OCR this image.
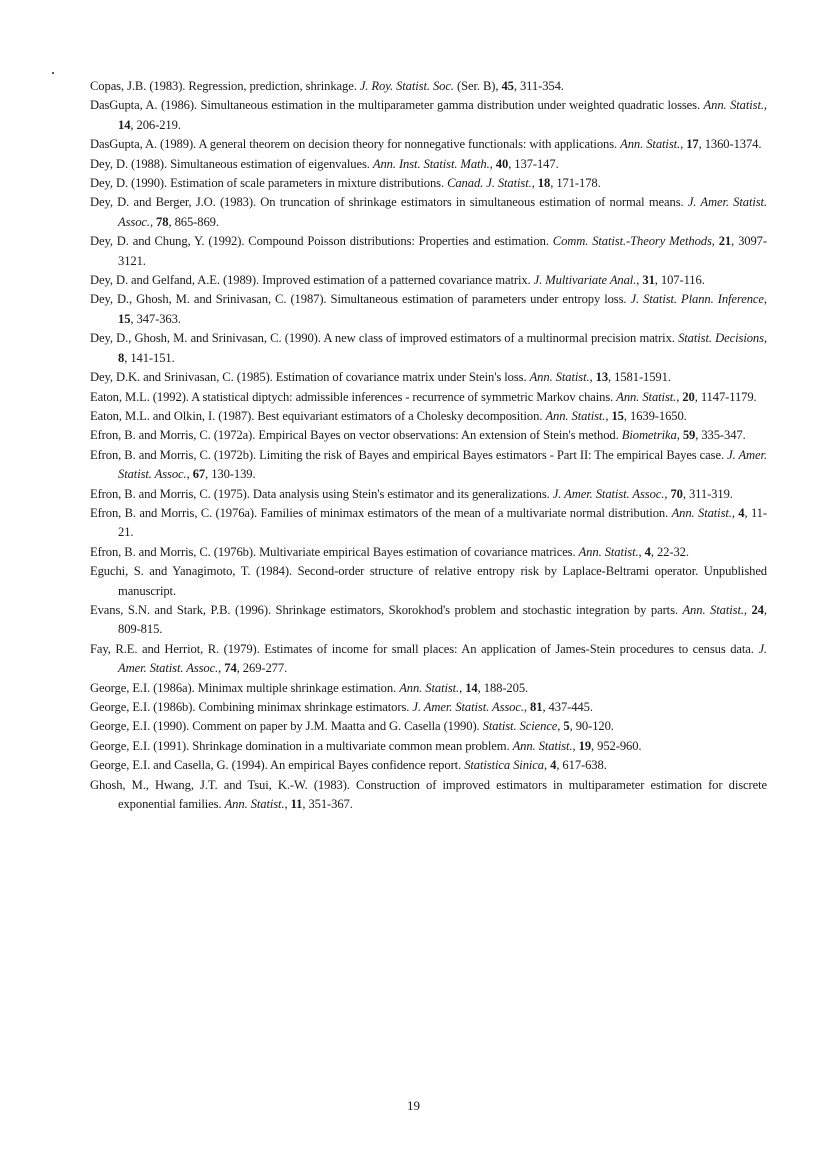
Copas, J.B. (1983). Regression, prediction, shrinkage. J. Roy. Statist. Soc. (Ser. B), 45, 311-354.
DasGupta, A. (1986). Simultaneous estimation in the multiparameter gamma distribution under weighted quadratic losses. Ann. Statist., 14, 206-219.
DasGupta, A. (1989). A general theorem on decision theory for nonnegative functionals: with applications. Ann. Statist., 17, 1360-1374.
Dey, D. (1988). Simultaneous estimation of eigenvalues. Ann. Inst. Statist. Math., 40, 137-147.
Dey, D. (1990). Estimation of scale parameters in mixture distributions. Canad. J. Statist., 18, 171-178.
Dey, D. and Berger, J.O. (1983). On truncation of shrinkage estimators in simultaneous estimation of normal means. J. Amer. Statist. Assoc., 78, 865-869.
Dey, D. and Chung, Y. (1992). Compound Poisson distributions: Properties and estimation. Comm. Statist.-Theory Methods, 21, 3097-3121.
Dey, D. and Gelfand, A.E. (1989). Improved estimation of a patterned covariance matrix. J. Multivariate Anal., 31, 107-116.
Dey, D., Ghosh, M. and Srinivasan, C. (1987). Simultaneous estimation of parameters under entropy loss. J. Statist. Plann. Inference, 15, 347-363.
Dey, D., Ghosh, M. and Srinivasan, C. (1990). A new class of improved estimators of a multinormal precision matrix. Statist. Decisions, 8, 141-151.
Dey, D.K. and Srinivasan, C. (1985). Estimation of covariance matrix under Stein's loss. Ann. Statist., 13, 1581-1591.
Eaton, M.L. (1992). A statistical diptych: admissible inferences - recurrence of symmetric Markov chains. Ann. Statist., 20, 1147-1179.
Eaton, M.L. and Olkin, I. (1987). Best equivariant estimators of a Cholesky decomposition. Ann. Statist., 15, 1639-1650.
Efron, B. and Morris, C. (1972a). Empirical Bayes on vector observations: An extension of Stein's method. Biometrika, 59, 335-347.
Efron, B. and Morris, C. (1972b). Limiting the risk of Bayes and empirical Bayes estimators - Part II: The empirical Bayes case. J. Amer. Statist. Assoc., 67, 130-139.
Efron, B. and Morris, C. (1975). Data analysis using Stein's estimator and its generalizations. J. Amer. Statist. Assoc., 70, 311-319.
Efron, B. and Morris, C. (1976a). Families of minimax estimators of the mean of a multivariate normal distribution. Ann. Statist., 4, 11-21.
Efron, B. and Morris, C. (1976b). Multivariate empirical Bayes estimation of covariance matrices. Ann. Statist., 4, 22-32.
Eguchi, S. and Yanagimoto, T. (1984). Second-order structure of relative entropy risk by Laplace-Beltrami operator. Unpublished manuscript.
Evans, S.N. and Stark, P.B. (1996). Shrinkage estimators, Skorokhod's problem and stochastic integration by parts. Ann. Statist., 24, 809-815.
Fay, R.E. and Herriot, R. (1979). Estimates of income for small places: An application of James-Stein procedures to census data. J. Amer. Statist. Assoc., 74, 269-277.
George, E.I. (1986a). Minimax multiple shrinkage estimation. Ann. Statist., 14, 188-205.
George, E.I. (1986b). Combining minimax shrinkage estimators. J. Amer. Statist. Assoc., 81, 437-445.
George, E.I. (1990). Comment on paper by J.M. Maatta and G. Casella (1990). Statist. Science, 5, 90-120.
George, E.I. (1991). Shrinkage domination in a multivariate common mean problem. Ann. Statist., 19, 952-960.
George, E.I. and Casella, G. (1994). An empirical Bayes confidence report. Statistica Sinica, 4, 617-638.
Ghosh, M., Hwang, J.T. and Tsui, K.-W. (1983). Construction of improved estimators in multiparameter estimation for discrete exponential families. Ann. Statist., 11, 351-367.
19
